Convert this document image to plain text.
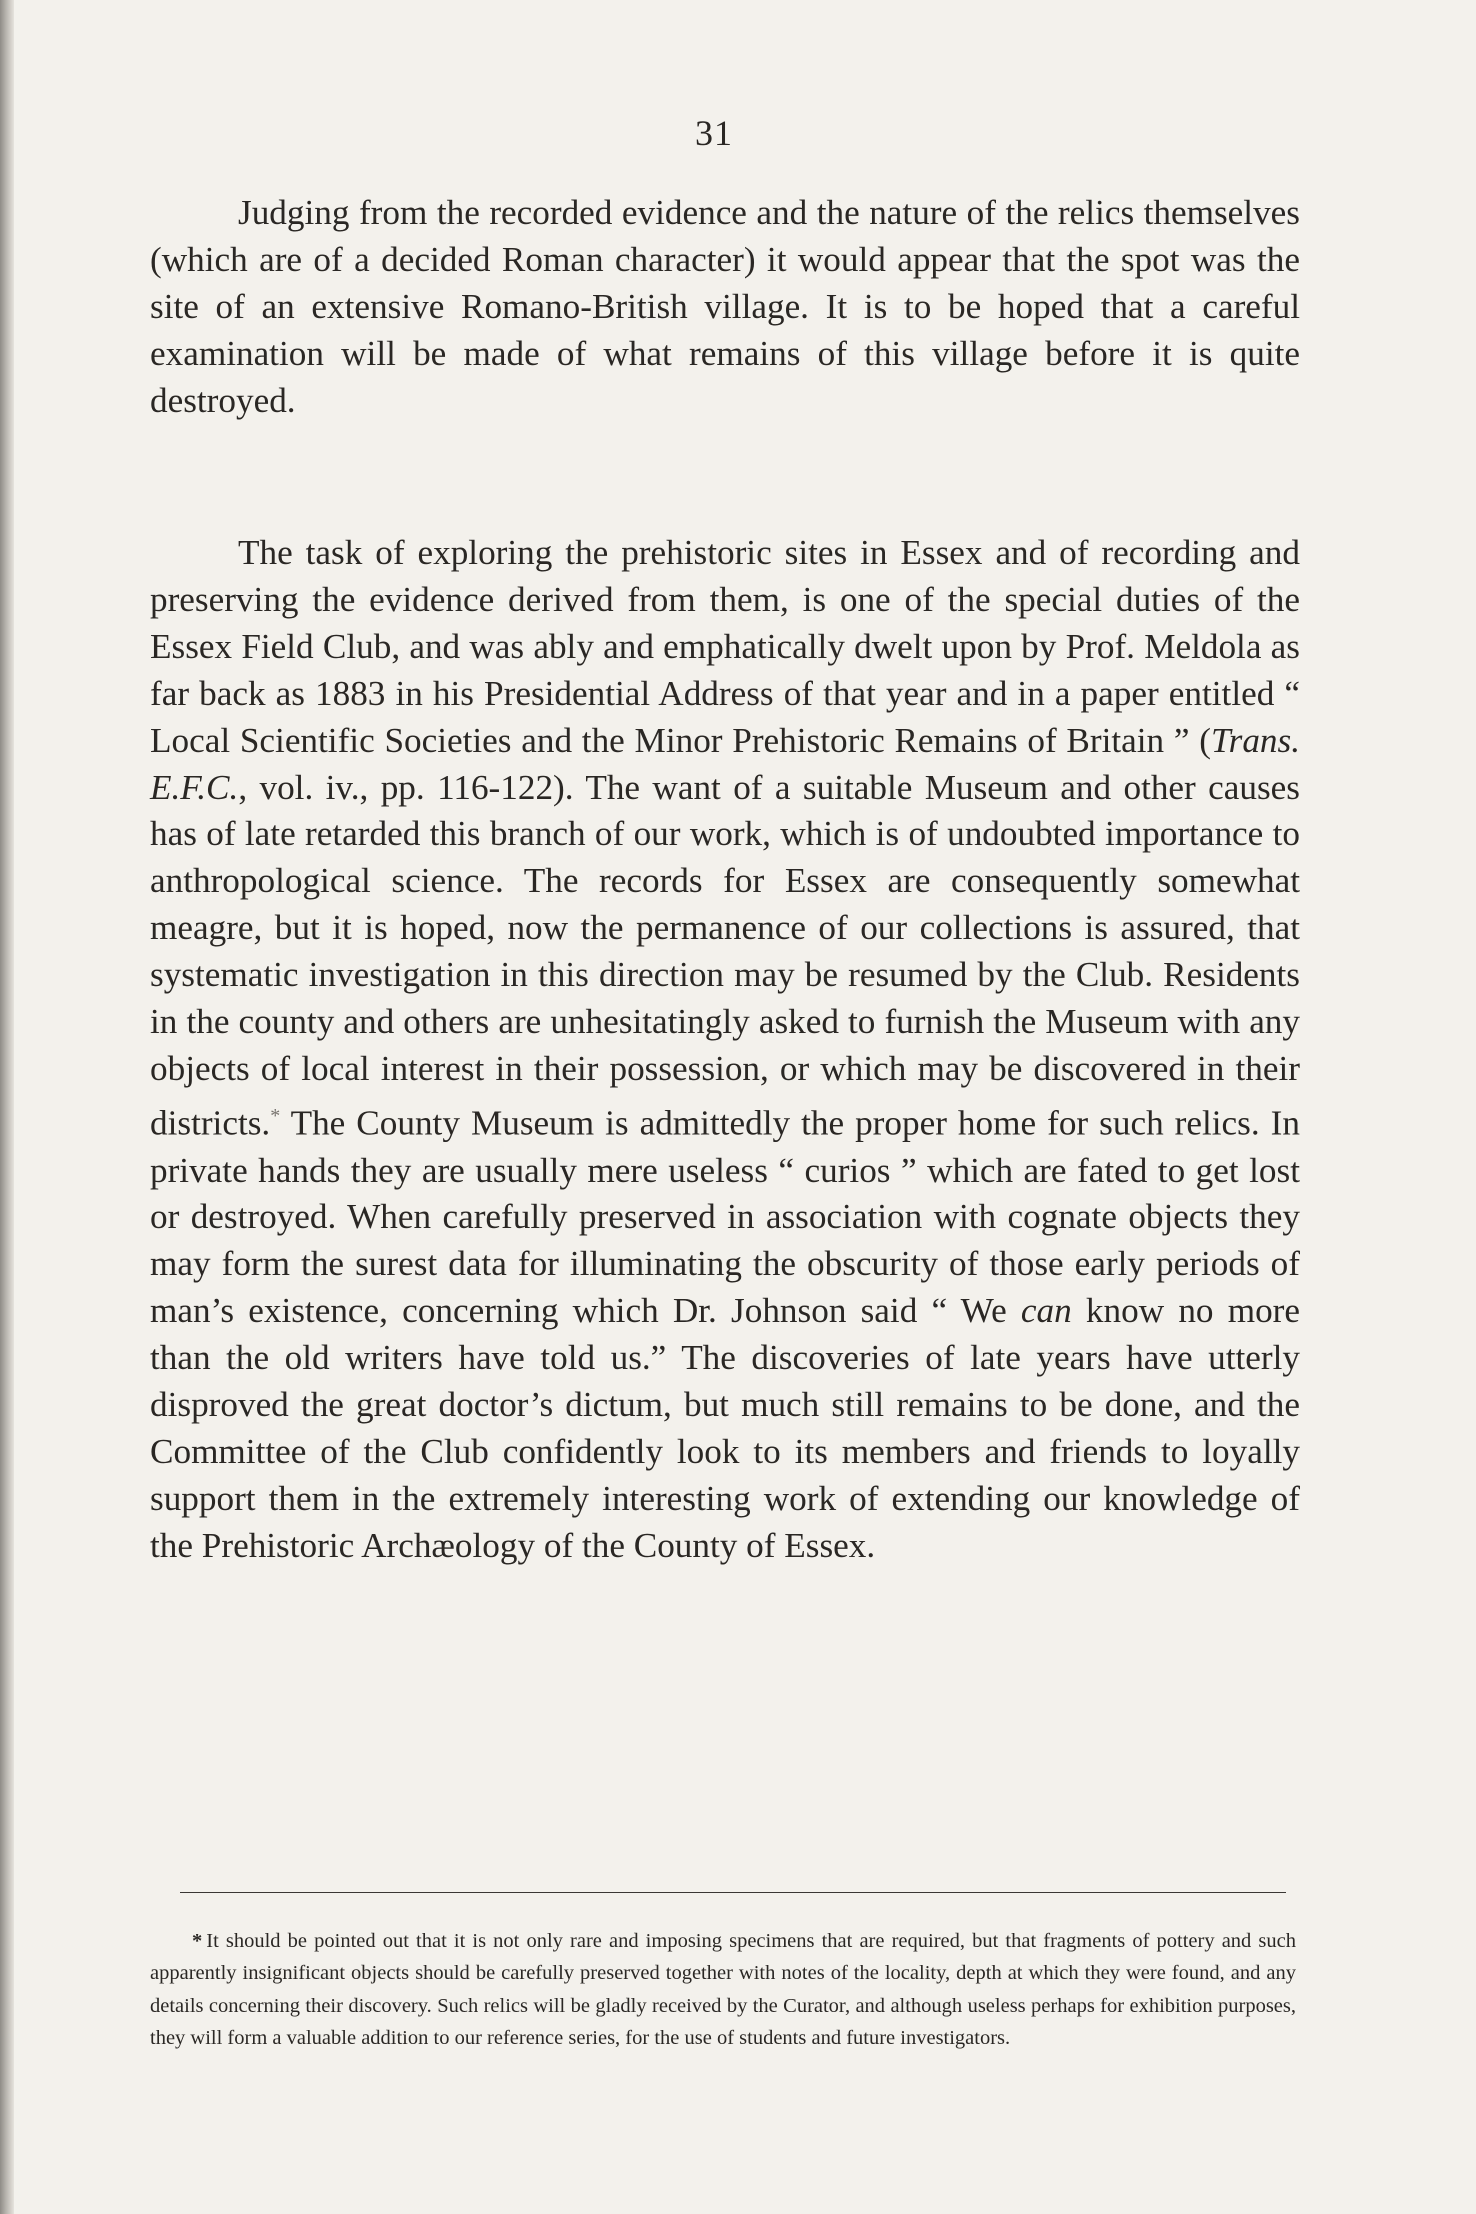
31

Judging from the recorded evidence and the nature of the relics themselves (which are of a decided Roman character) it would appear that the spot was the site of an extensive Romano-British village. It is to be hoped that a careful examination will be made of what remains of this village before it is quite destroyed.

The task of exploring the prehistoric sites in Essex and of recording and preserving the evidence derived from them, is one of the special duties of the Essex Field Club, and was ably and emphatically dwelt upon by Prof. Meldola as far back as 1883 in his Presidential Address of that year and in a paper entitled “ Local Scientific Societies and the Minor Prehistoric Remains of Britain ” (Trans. E.F.C., vol. iv., pp. 116-122). The want of a suitable Museum and other causes has of late retarded this branch of our work, which is of undoubted importance to anthropological science. The records for Essex are consequently somewhat meagre, but it is hoped, now the permanence of our collections is assured, that systematic investigation in this direction may be resumed by the Club. Residents in the county and others are unhesitatingly asked to furnish the Museum with any objects of local interest in their possession, or which may be discovered in their districts.* The County Museum is admittedly the proper home for such relics. In private hands they are usually mere useless “ curios ” which are fated to get lost or destroyed. When carefully preserved in association with cognate objects they may form the surest data for illuminating the obscurity of those early periods of man’s existence, concerning which Dr. Johnson said “ We can know no more than the old writers have told us.” The discoveries of late years have utterly disproved the great doctor’s dictum, but much still remains to be done, and the Committee of the Club confidently look to its members and friends to loyally support them in the extremely interesting work of extending our knowledge of the Prehistoric Archæology of the County of Essex.

* It should be pointed out that it is not only rare and imposing specimens that are required, but that fragments of pottery and such apparently insignificant objects should be carefully preserved together with notes of the locality, depth at which they were found, and any details concerning their discovery. Such relics will be gladly received by the Curator, and although useless perhaps for exhibition purposes, they will form a valuable addition to our reference series, for the use of students and future investigators.
